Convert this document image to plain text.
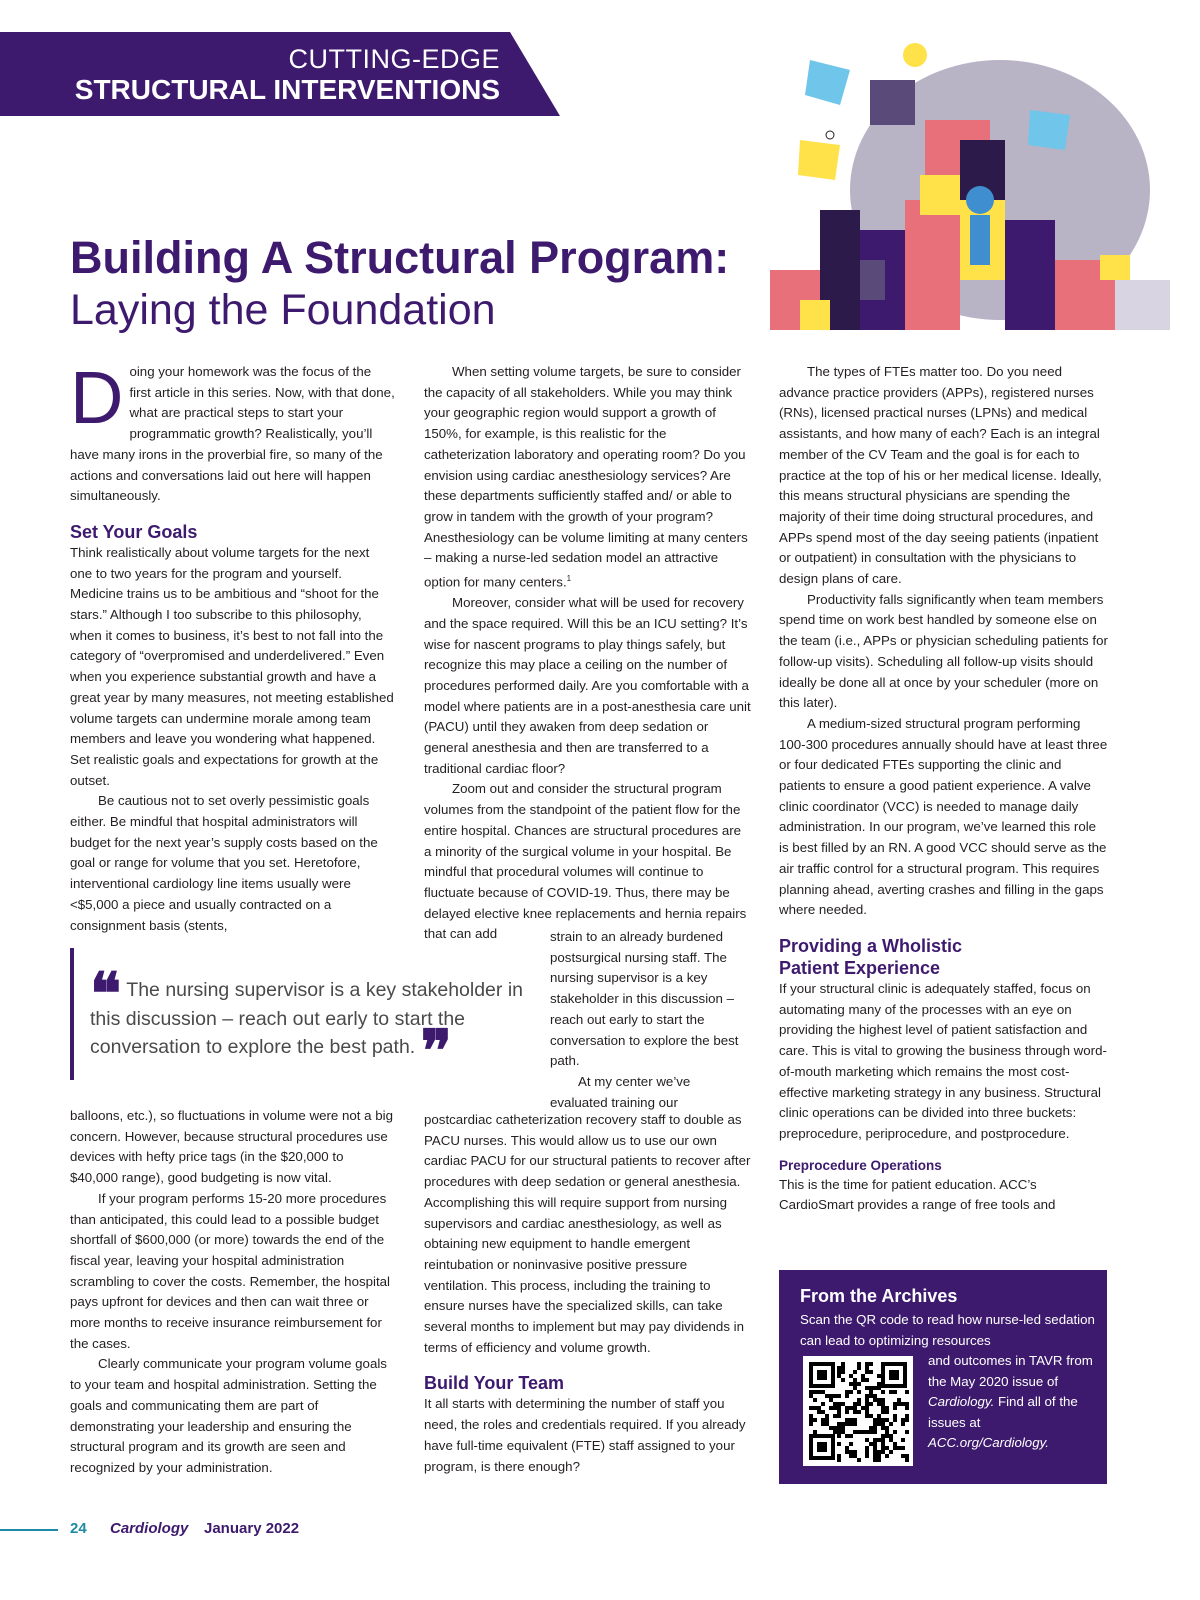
CUTTING-EDGE
STRUCTURAL INTERVENTIONS
Building A Structural Program:
Laying the Foundation
D oing your homework was the focus of the first article in this series. Now, with that done, what are practical steps to start your programmatic growth? Realistically, you’ll have many irons in the proverbial fire, so many of the actions and conversations laid out here will happen simultaneously.

Set Your Goals

Think realistically about volume targets for the next one to two years for the program and yourself. Medicine trains us to be ambitious and “shoot for the stars.” Although I too subscribe to this philosophy, when it comes to business, it’s best to not fall into the category of “overpromised and underdelivered.” Even when you experience substantial growth and have a great year by many measures, not meeting established volume targets can undermine morale among team members and leave you wondering what happened. Set realistic goals and expectations for growth at the outset.

Be cautious not to set overly pessimistic goals either. Be mindful that hospital administrators will budget for the next year’s supply costs based on the goal or range for volume that you set. Heretofore, interventional cardiology line items usually were <$5,000 a piece and usually contracted on a consignment basis (stents,

❝ The nursing supervisor is a key stakeholder in this discussion – reach out early to start the conversation to explore the best path. ❞

balloons, etc.), so fluctuations in volume were not a big concern. However, because structural procedures use devices with hefty price tags (in the $20,000 to $40,000 range), good budgeting is now vital.

If your program performs 15-20 more procedures than anticipated, this could lead to a possible budget shortfall of $600,000 (or more) towards the end of the fiscal year, leaving your hospital administration scrambling to cover the costs. Remember, the hospital pays upfront for devices and then can wait three or more months to receive insurance reimbursement for the cases.

Clearly communicate your program volume goals to your team and hospital administration. Setting the goals and communicating them are part of demonstrating your leadership and ensuring the structural program and its growth are seen and recognized by your administration.

When setting volume targets, be sure to consider the capacity of all stakeholders. While you may think your geographic region would support a growth of 150%, for example, is this realistic for the catheterization laboratory and operating room? Do you envision using cardiac anesthesiology services? Are these departments sufficiently staffed and/ or able to grow in tandem with the growth of your program? Anesthesiology can be volume limiting at many centers – making a nurse-led sedation model an attractive option for many centers.$^1$

Moreover, consider what will be used for recovery and the space required. Will this be an ICU setting? It’s wise for nascent programs to play things safely, but recognize this may place a ceiling on the number of procedures performed daily. Are you comfortable with a model where patients are in a post-anesthesia care unit (PACU) until they awaken from deep sedation or general anesthesia and then are transferred to a traditional cardiac floor?

Zoom out and consider the structural program volumes from the standpoint of the patient flow for the entire hospital. Chances are structural procedures are a minority of the surgical volume in your hospital. Be mindful that procedural volumes will continue to fluctuate because of COVID-19. Thus, there may be delayed elective knee replacements and hernia repairs that can add	strain to an already burdened postsurgical nursing staff. The nursing supervisor is a key stakeholder in this discussion – reach out early to start the conversation to explore the best path.

At my center we’ve evaluated training our

postcardiac catheterization recovery staff to double as PACU nurses. This would allow us to use our own cardiac PACU for our structural patients to recover after procedures with deep sedation or general anesthesia. Accomplishing this will require support from nursing supervisors and cardiac anesthesiology, as well as obtaining new equipment to handle emergent reintubation or noninvasive positive pressure ventilation. This process, including the training to ensure nurses have the specialized skills, can take several months to implement but may pay dividends in terms of efficiency and volume growth.

Build Your Team

It all starts with determining the number of staff you need, the roles and credentials required. If you already have full-time equivalent (FTE) staff assigned to your program, is there enough?

The types of FTEs matter too. Do you need advance practice providers (APPs), registered nurses (RNs), licensed practical nurses (LPNs) and medical assistants, and how many of each? Each is an integral member of the CV Team and the goal is for each to practice at the top of his or her medical license. Ideally, this means structural physicians are spending the majority of their time doing structural procedures, and APPs spend most of the day seeing patients (inpatient or outpatient) in consultation with the physicians to design plans of care.

Productivity falls significantly when team members spend time on work best handled by someone else on the team (i.e., APPs or physician scheduling patients for follow-up visits). Scheduling all follow-up visits should ideally be done all at once by your scheduler (more on this later).

A medium-sized structural program performing 100-300 procedures annually should have at least three or four dedicated FTEs supporting the clinic and patients to ensure a good patient experience. A valve clinic coordinator (VCC) is needed to manage daily administration. In our program, we’ve learned this role is best filled by an RN. A good VCC should serve as the air traffic control for a structural program. This requires planning ahead, averting crashes and filling in the gaps where needed.

Providing a Wholistic
Patient Experience

If your structural clinic is adequately staffed, focus on automating many of the processes with an eye on providing the highest level of patient satisfaction and care. This is vital to growing the business through word-of-mouth marketing which remains the most cost-effective marketing strategy in any business. Structural clinic operations can be divided into three buckets: preprocedure, periprocedure, and postprocedure.

Preprocedure Operations

This is the time for patient education. ACC’s CardioSmart provides a range of free tools and

From the Archives
Scan the QR code to read how nurse-led sedation can lead to optimizing resources
and outcomes in TAVR from the May 2020 issue of Cardiology. Find all of the issues at ACC.org/Cardiology.
24 Cardiology January 2022
